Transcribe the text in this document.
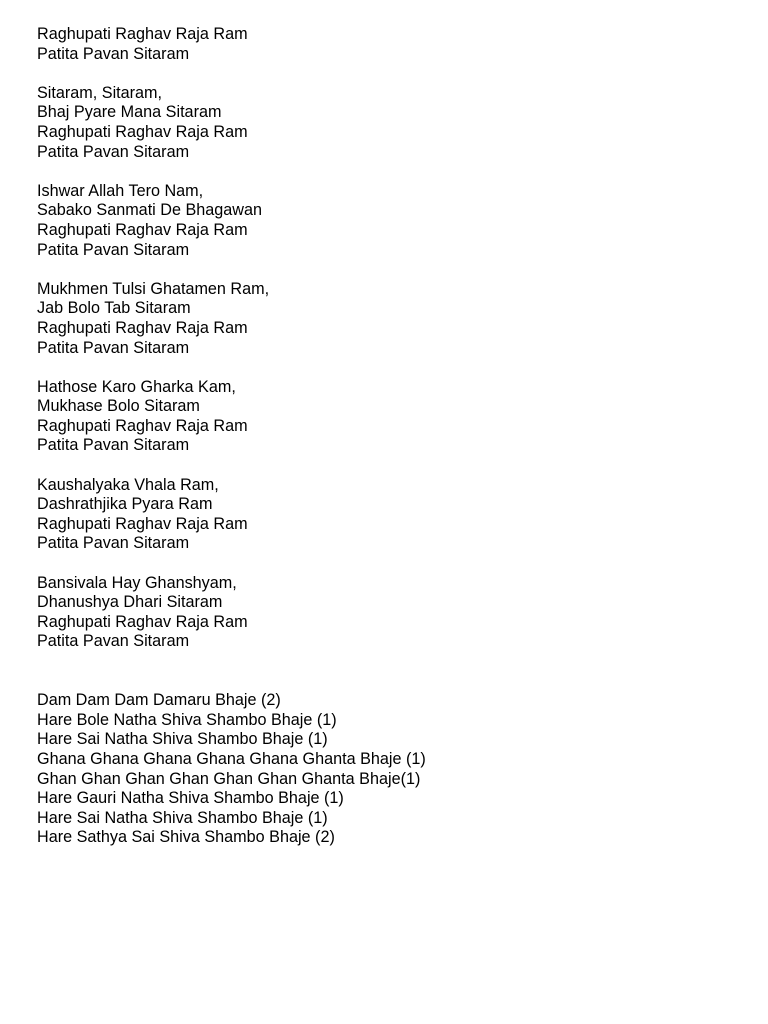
Raghupati Raghav Raja Ram
Patita Pavan Sitaram
Sitaram, Sitaram,
Bhaj Pyare Mana Sitaram
Raghupati Raghav Raja Ram
Patita Pavan Sitaram
Ishwar Allah Tero Nam,
Sabako Sanmati De Bhagawan
Raghupati Raghav Raja Ram
Patita Pavan Sitaram
Mukhmen Tulsi Ghatamen Ram,
Jab Bolo Tab Sitaram
Raghupati Raghav Raja Ram
Patita Pavan Sitaram
Hathose Karo Gharka Kam,
Mukhase Bolo Sitaram
Raghupati Raghav Raja Ram
Patita Pavan Sitaram
Kaushalyaka Vhala Ram,
Dashrathjika Pyara Ram
Raghupati Raghav Raja Ram
Patita Pavan Sitaram
Bansivala Hay Ghanshyam,
Dhanushya Dhari Sitaram
Raghupati Raghav Raja Ram
Patita Pavan Sitaram
Dam Dam Dam Damaru Bhaje (2)
Hare Bole Natha Shiva Shambo Bhaje (1)
Hare Sai Natha Shiva Shambo Bhaje (1)
Ghana Ghana Ghana Ghana Ghana Ghanta Bhaje (1)
Ghan Ghan Ghan Ghan Ghan Ghan Ghanta Bhaje(1)
Hare Gauri Natha Shiva Shambo Bhaje (1)
Hare Sai Natha Shiva Shambo Bhaje (1)
Hare Sathya Sai Shiva Shambo Bhaje (2)
